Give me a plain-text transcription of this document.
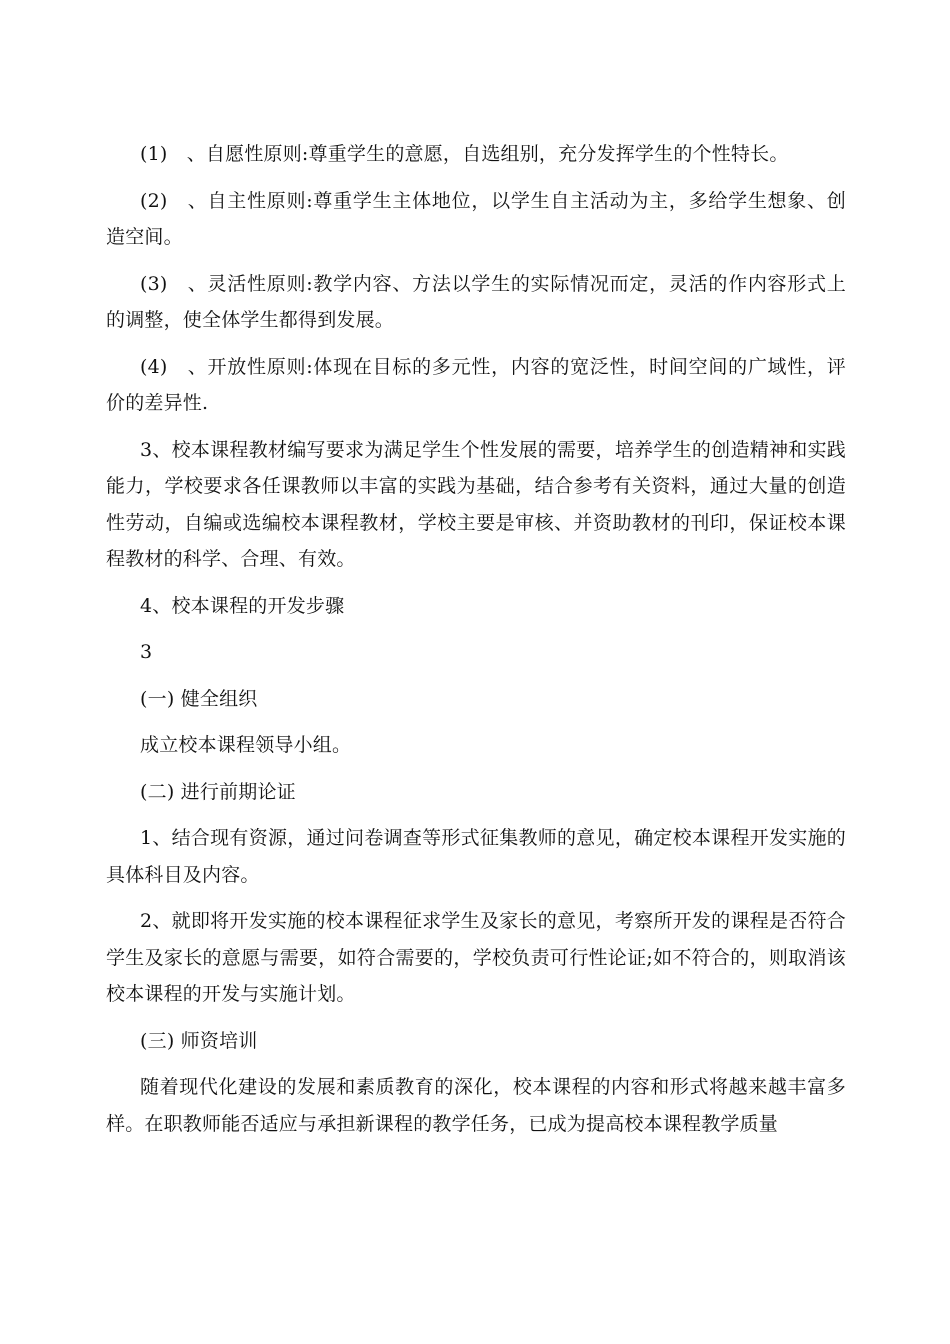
(1)　、自愿性原则:尊重学生的意愿，自选组别，充分发挥学生的个性特长。

(2)　、自主性原则:尊重学生主体地位，以学生自主活动为主，多给学生想象、创造空间。

(3)　、灵活性原则:教学内容、方法以学生的实际情况而定，灵活的作内容形式上的调整，使全体学生都得到发展。

(4)　、开放性原则:体现在目标的多元性，内容的宽泛性，时间空间的广域性，评价的差异性.

3、校本课程教材编写要求为满足学生个性发展的需要，培养学生的创造精神和实践能力，学校要求各任课教师以丰富的实践为基础，结合参考有关资料，通过大量的创造性劳动，自编或选编校本课程教材，学校主要是审核、并资助教材的刊印，保证校本课程教材的科学、合理、有效。

4、校本课程的开发步骤

3

(一) 健全组织

成立校本课程领导小组。

(二) 进行前期论证

1、结合现有资源，通过问卷调查等形式征集教师的意见，确定校本课程开发实施的具体科目及内容。

2、就即将开发实施的校本课程征求学生及家长的意见，考察所开发的课程是否符合学生及家长的意愿与需要，如符合需要的，学校负责可行性论证;如不符合的，则取消该校本课程的开发与实施计划。

(三) 师资培训

随着现代化建设的发展和素质教育的深化，校本课程的内容和形式将越来越丰富多样。在职教师能否适应与承担新课程的教学任务，已成为提高校本课程教学质量
